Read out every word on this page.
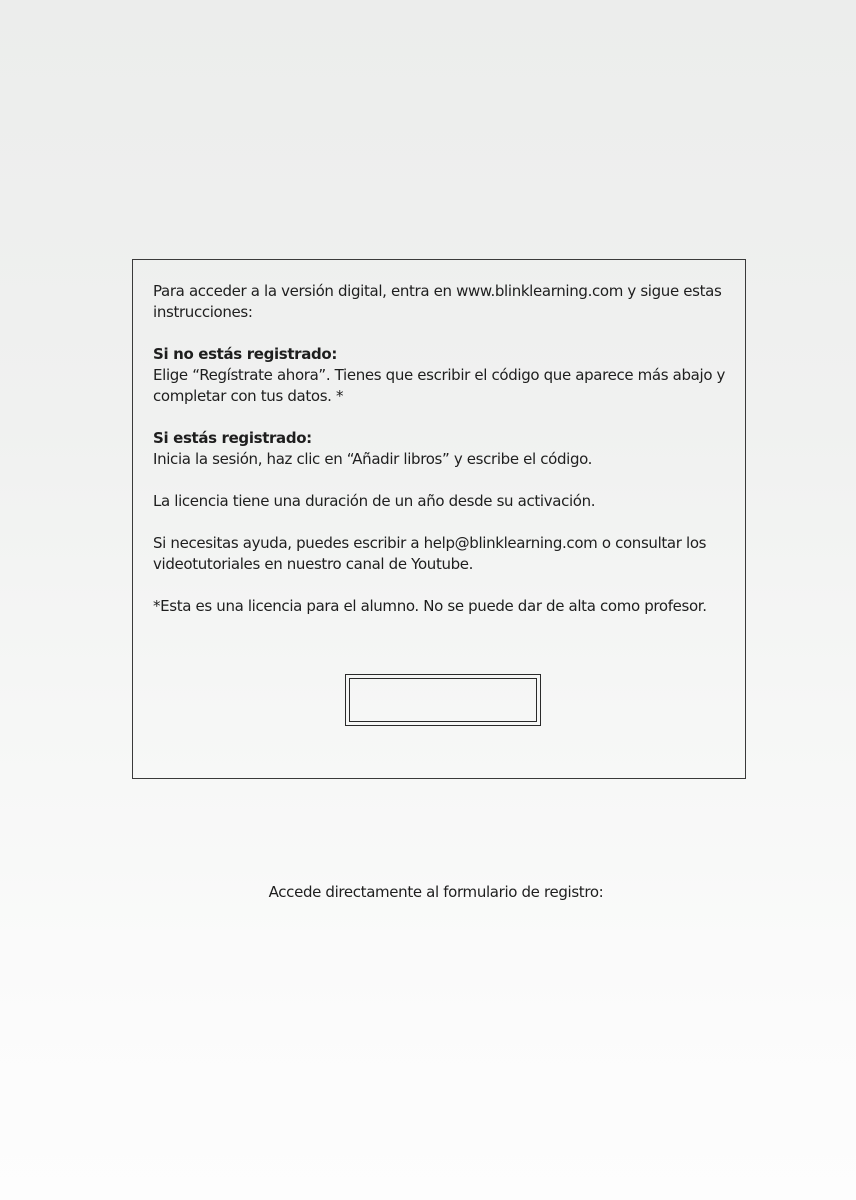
Para acceder a la versión digital, entra en www.blinklearning.com y sigue estas instrucciones:

Si no estás registrado:

Elige “Regístrate ahora”. Tienes que escribir el código que aparece más abajo y completar con tus datos. *

Si estás registrado:

Inicia la sesión, haz clic en “Añadir libros” y escribe el código.

La licencia tiene una duración de un año desde su activación.

Si necesitas ayuda, puedes escribir a help@blinklearning.com o consultar los videotutoriales en nuestro canal de Youtube.

*Esta es una licencia para el alumno. No se puede dar de alta como profesor.

Accede directamente al formulario de registro:
